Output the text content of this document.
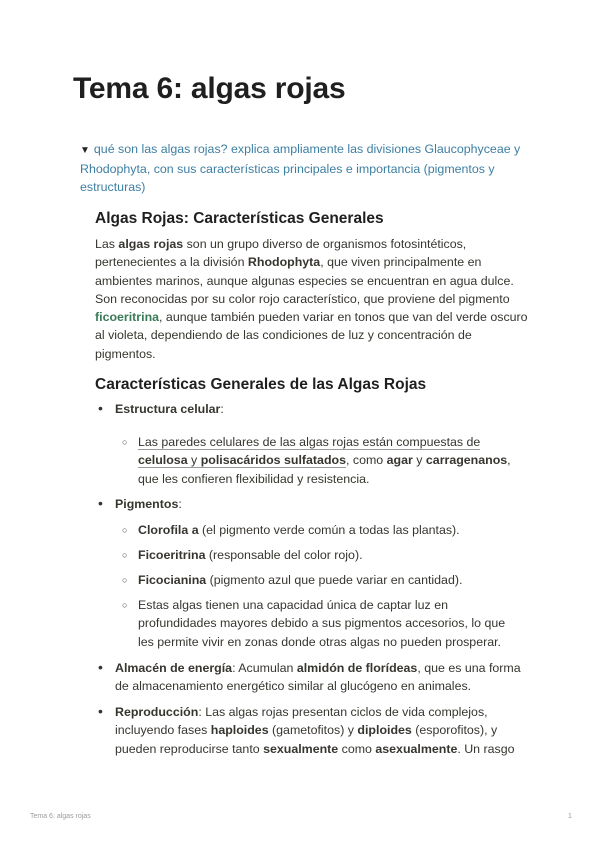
Tema 6: algas rojas
▼ qué son las algas rojas? explica ampliamente las divisiones Glaucophyceae y Rhodophyta, con sus características principales e importancia (pigmentos y estructuras)
Algas Rojas: Características Generales

Las algas rojas son un grupo diverso de organismos fotosintéticos, pertenecientes a la división Rhodophyta, que viven principalmente en ambientes marinos, aunque algunas especies se encuentran en agua dulce. Son reconocidas por su color rojo característico, que proviene del pigmento ficoeritrina, aunque también pueden variar en tonos que van del verde oscuro al violeta, dependiendo de las condiciones de luz y concentración de pigmentos.

Características Generales de las Algas Rojas
• Estructura celular:
○ Las paredes celulares de las algas rojas están compuestas de celulosa y polisacáridos sulfatados, como agar y carragenanos, que les confieren flexibilidad y resistencia.
• Pigmentos:
○ Clorofila a (el pigmento verde común a todas las plantas).
○ Ficoeritrina (responsable del color rojo).
○ Ficocianina (pigmento azul que puede variar en cantidad).
○ Estas algas tienen una capacidad única de captar luz en profundidades mayores debido a sus pigmentos accesorios, lo que les permite vivir en zonas donde otras algas no pueden prosperar.
• Almacén de energía: Acumulan almidón de florídeas, que es una forma de almacenamiento energético similar al glucógeno en animales.
• Reproducción: Las algas rojas presentan ciclos de vida complejos, incluyendo fases haploides (gametofitos) y diploides (esporofitos), y pueden reproducirse tanto sexualmente como asexualmente. Un rasgo
Tema 6: algas rojas	1
